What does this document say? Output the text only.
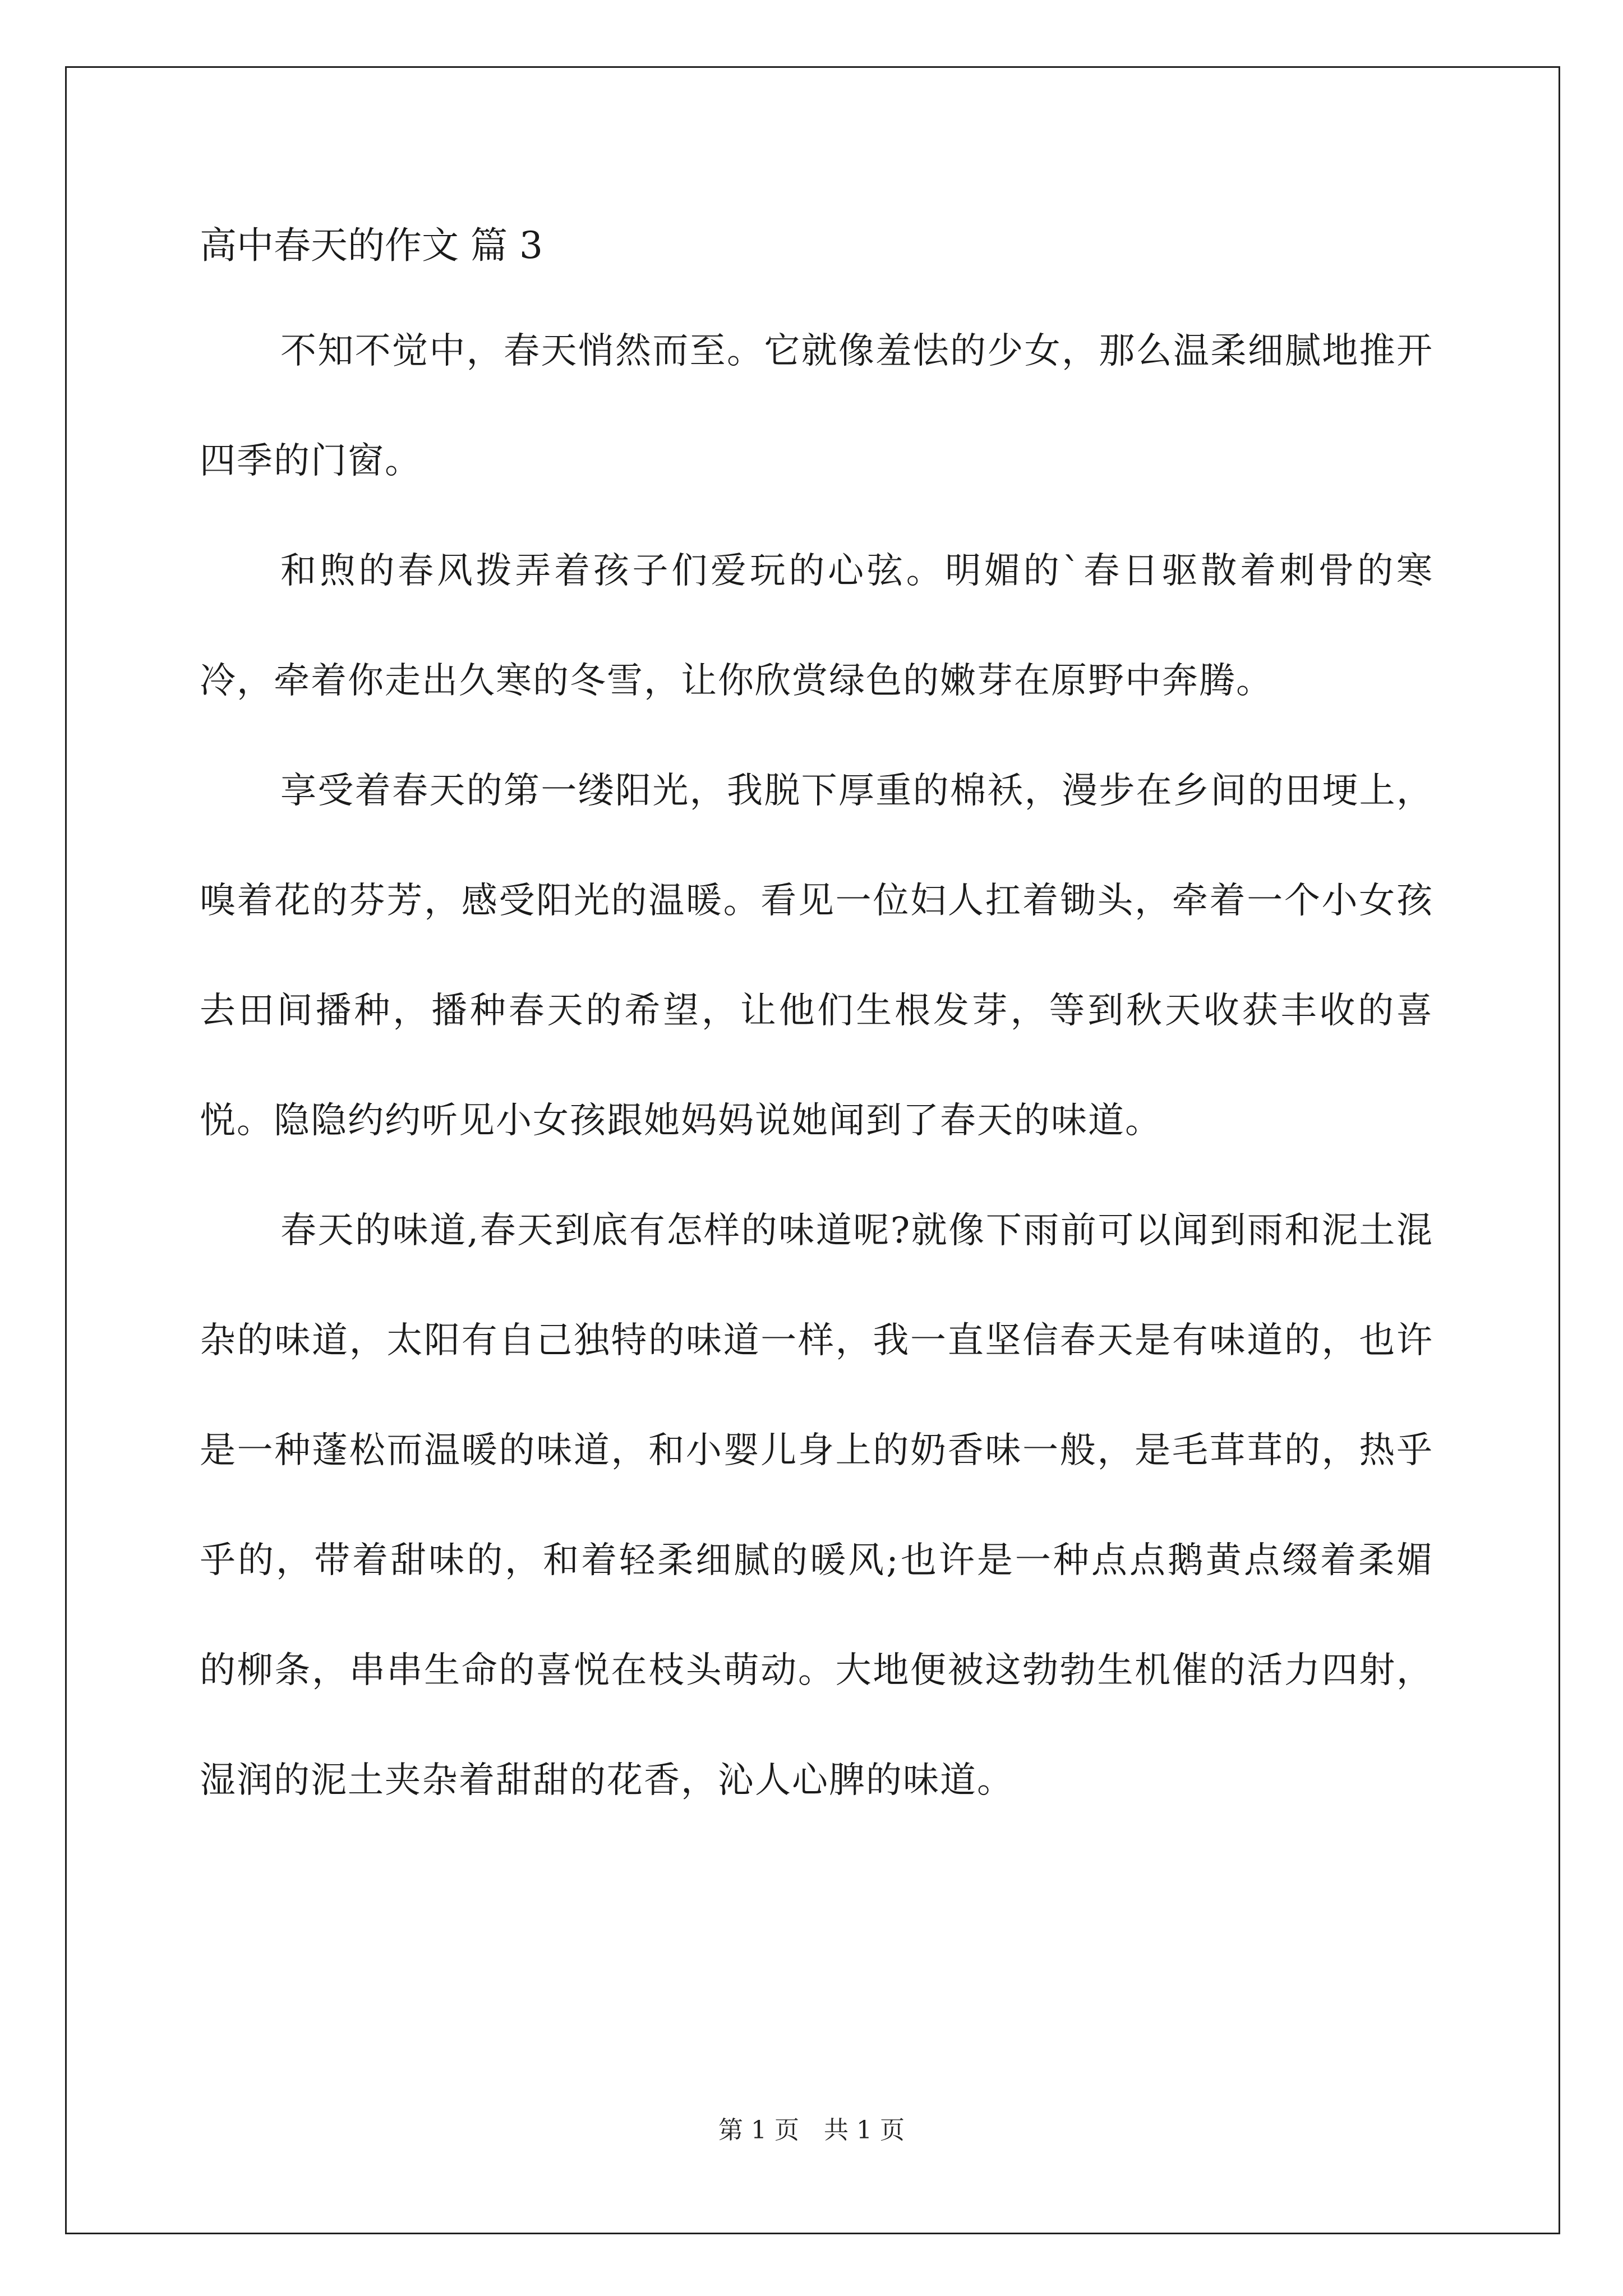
高中春天的作文 篇 3

不知不觉中，春天悄然而至。它就像羞怯的少女，那么温柔细腻地推开四季的门窗。

和煦的春风拨弄着孩子们爱玩的心弦。明媚的`春日驱散着刺骨的寒冷，牵着你走出久寒的冬雪，让你欣赏绿色的嫩芽在原野中奔腾。

享受着春天的第一缕阳光，我脱下厚重的棉袄，漫步在乡间的田埂上，嗅着花的芬芳，感受阳光的温暖。看见一位妇人扛着锄头，牵着一个小女孩去田间播种，播种春天的希望，让他们生根发芽，等到秋天收获丰收的喜悦。隐隐约约听见小女孩跟她妈妈说她闻到了春天的味道。

春天的味道,春天到底有怎样的味道呢?就像下雨前可以闻到雨和泥土混杂的味道，太阳有自己独特的味道一样，我一直坚信春天是有味道的，也许是一种蓬松而温暖的味道，和小婴儿身上的奶香味一般，是毛茸茸的，热乎乎的，带着甜味的，和着轻柔细腻的暖风;也许是一种点点鹅黄点缀着柔媚的柳条，串串生命的喜悦在枝头萌动。大地便被这勃勃生机催的活力四射，湿润的泥土夹杂着甜甜的花香，沁人心脾的味道。

第 1 页　共 1 页
